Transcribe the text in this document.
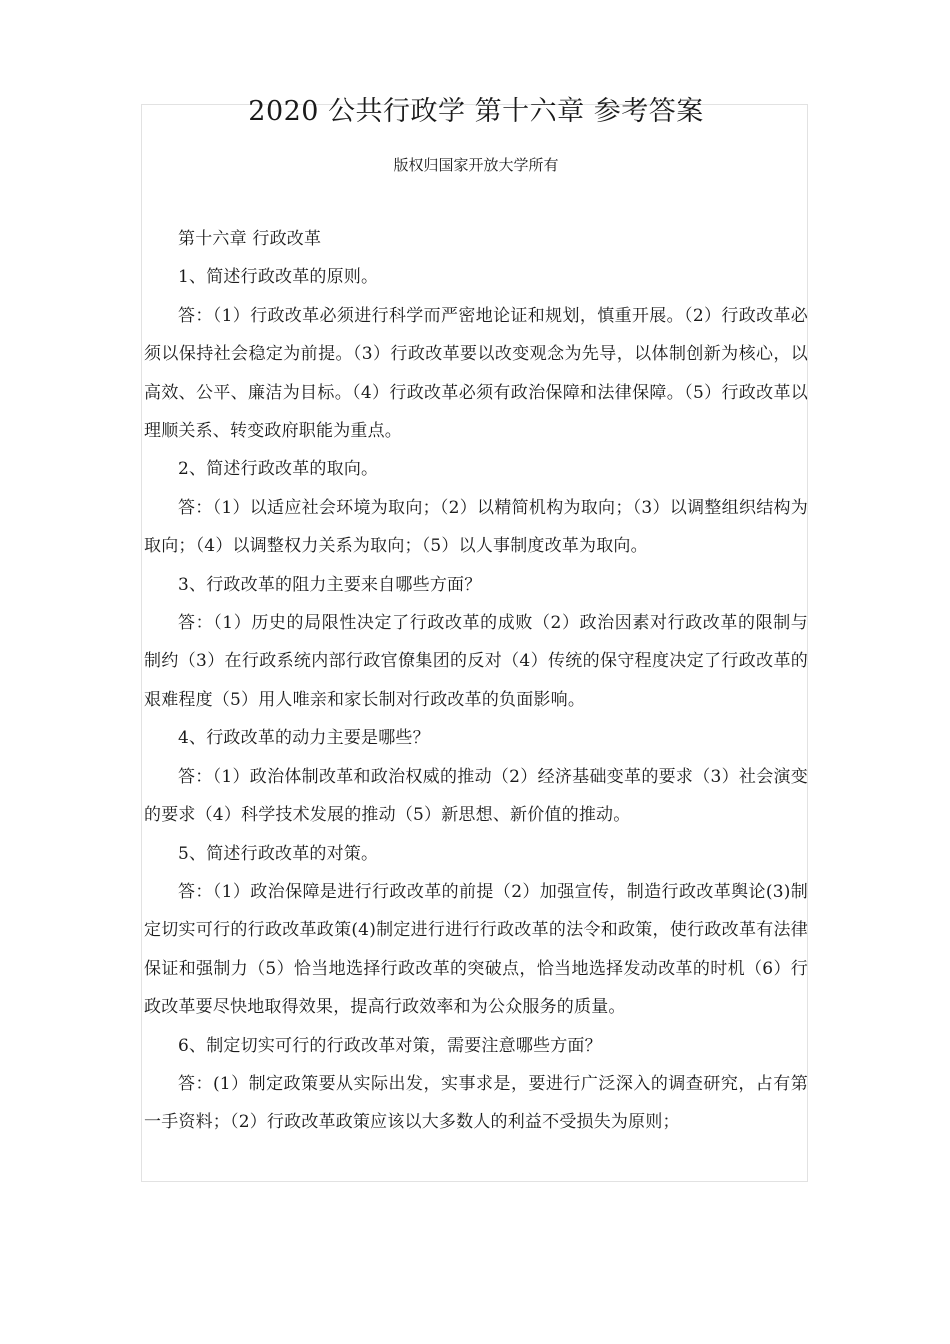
2020 公共行政学 第十六章 参考答案
版权归国家开放大学所有

第十六章 行政改革

1、简述行政改革的原则。

答：（1）行政改革必须进行科学而严密地论证和规划，慎重开展。（2）行政改革必须以保持社会稳定为前提。（3）行政改革要以改变观念为先导，以体制创新为核心，以高效、公平、廉洁为目标。（4）行政改革必须有政治保障和法律保障。（5）行政改革以理顺关系、转变政府职能为重点。

2、简述行政改革的取向。

答：（1）以适应社会环境为取向；（2）以精简机构为取向；（3）以调整组织结构为取向；（4）以调整权力关系为取向；（5）以人事制度改革为取向。

3、行政改革的阻力主要来自哪些方面？

答：（1）历史的局限性决定了行政改革的成败（2）政治因素对行政改革的限制与制约（3）在行政系统内部行政官僚集团的反对（4）传统的保守程度决定了行政改革的艰难程度（5）用人唯亲和家长制对行政改革的负面影响。

4、行政改革的动力主要是哪些？

答：（1）政治体制改革和政治权威的推动（2）经济基础变革的要求（3）社会演变的要求（4）科学技术发展的推动（5）新思想、新价值的推动。

5、简述行政改革的对策。

答：（1）政治保障是进行行政改革的前提（2）加强宣传，制造行政改革舆论(3)制定切实可行的行政改革政策(4)制定进行进行行政改革的法令和政策，使行政改革有法律保证和强制力（5）恰当地选择行政改革的突破点，恰当地选择发动改革的时机（6）行政改革要尽快地取得效果，提高行政效率和为公众服务的质量。

6、制定切实可行的行政改革对策，需要注意哪些方面？

答：(1）制定政策要从实际出发，实事求是，要进行广泛深入的调查研究，占有第一手资料；（2）行政改革政策应该以大多数人的利益不受损失为原则；
